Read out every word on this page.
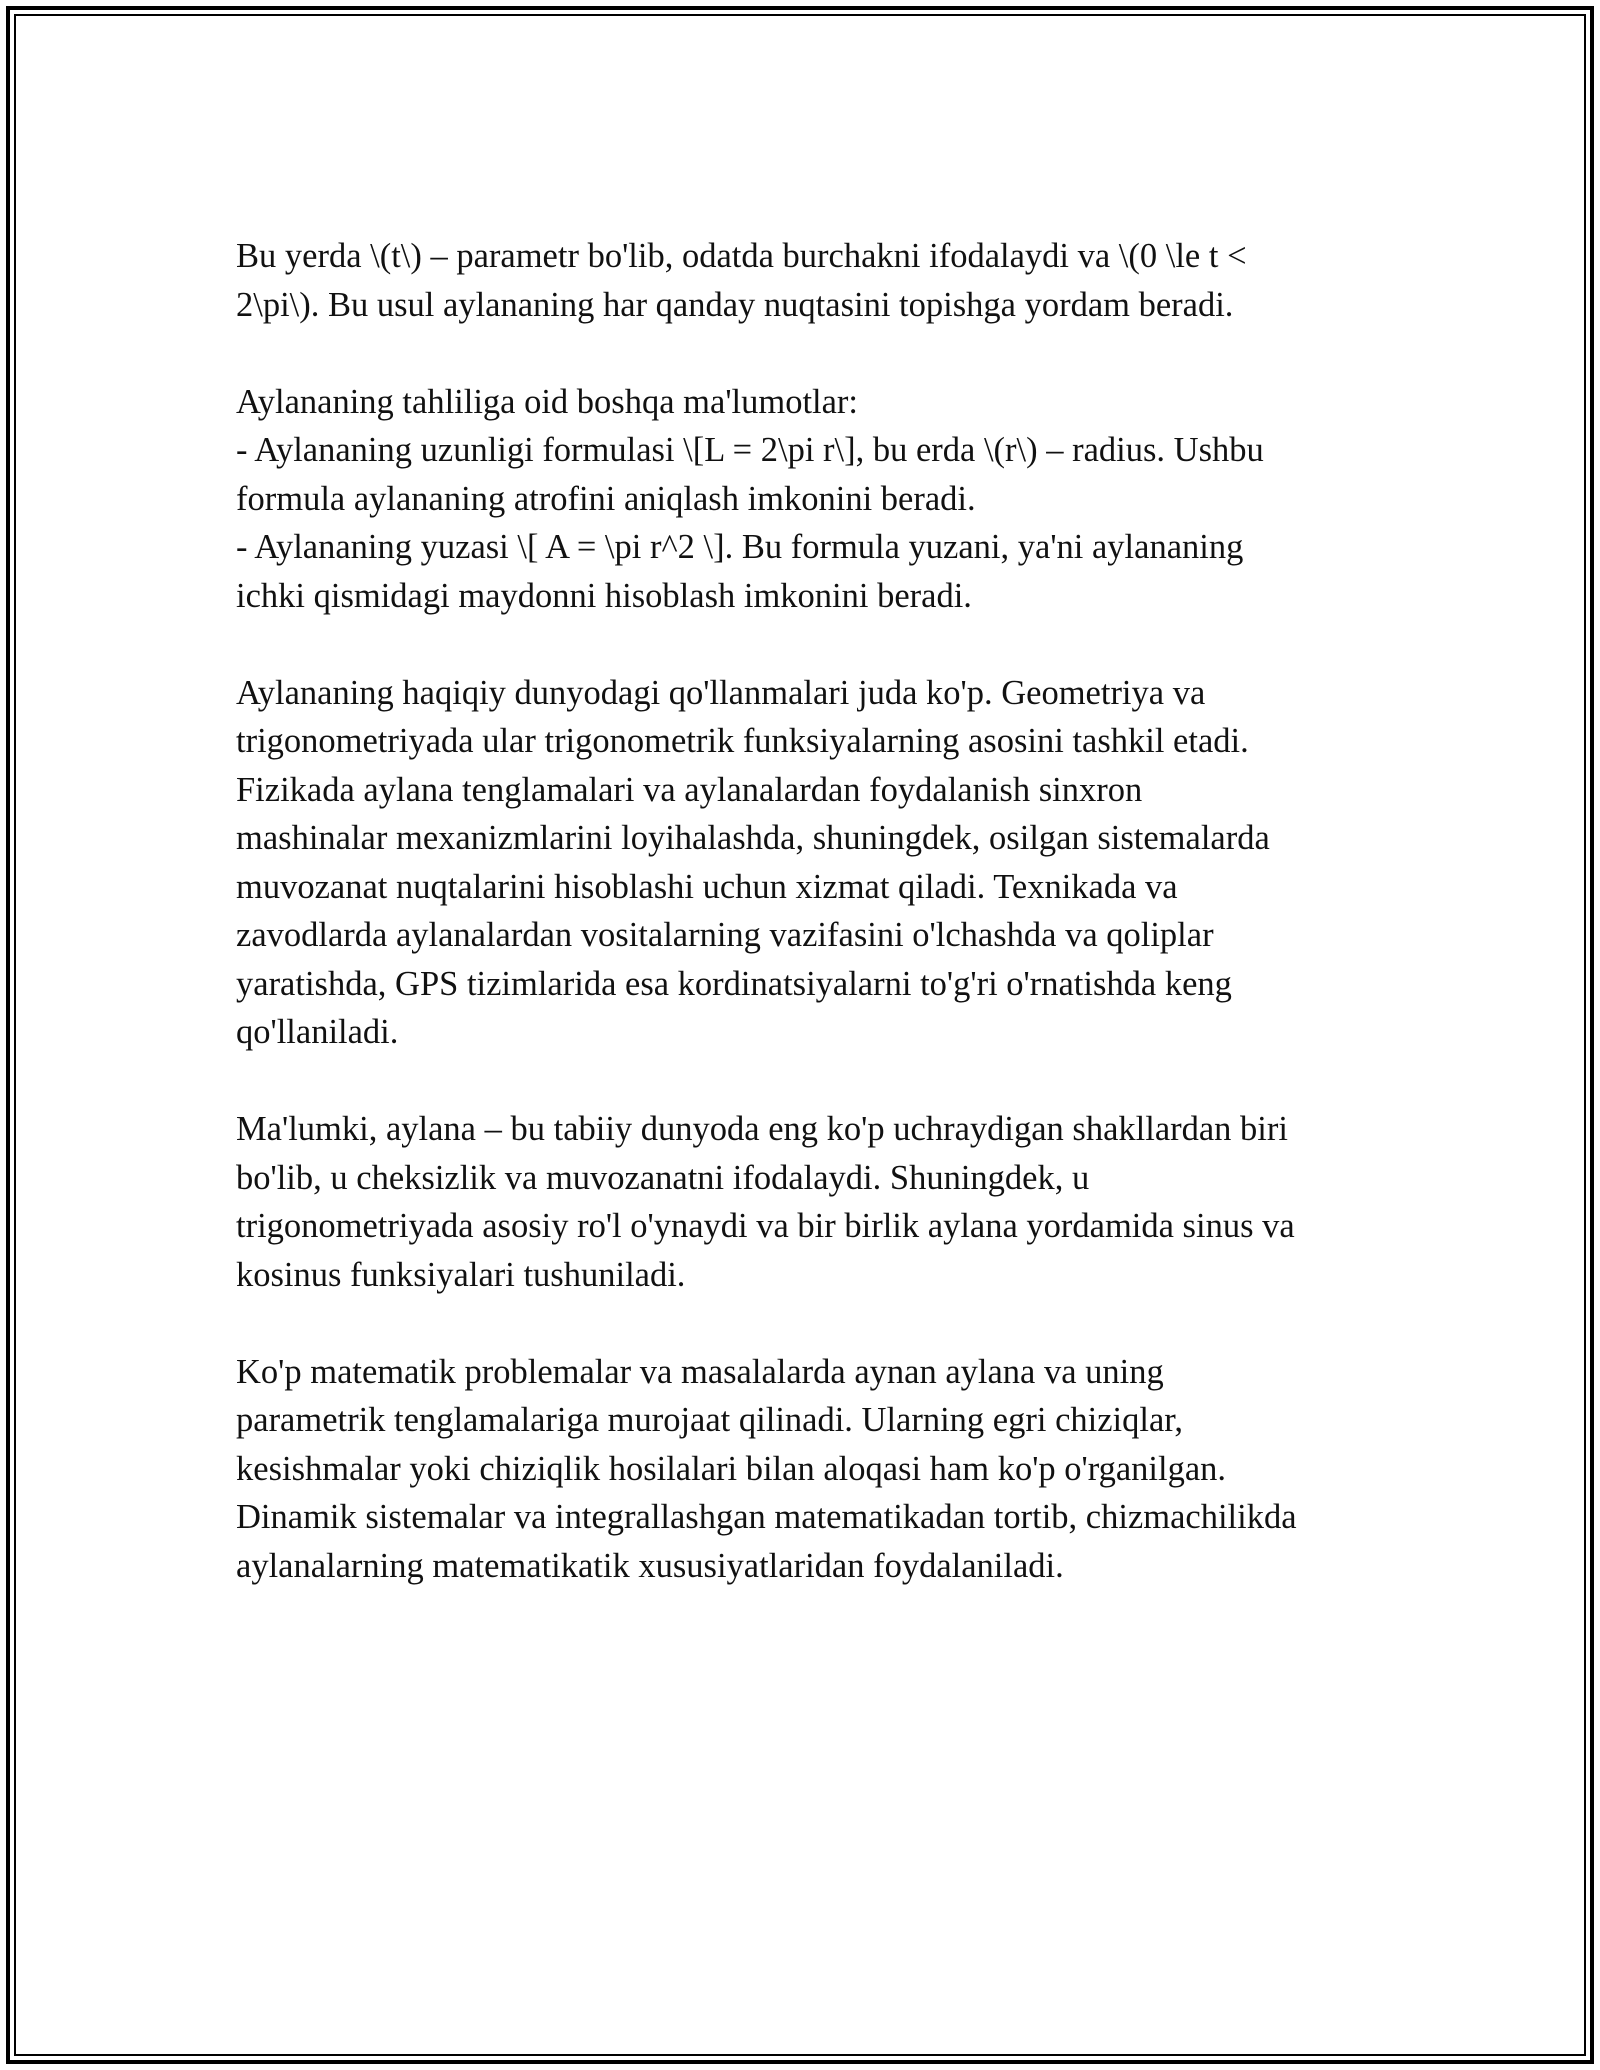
Bu yerda \(t\) – parametr bo'lib, odatda burchakni ifodalaydi va \(0 \le t <
2\pi\). Bu usul aylananing har qanday nuqtasini topishga yordam beradi.

Aylananing tahliliga oid boshqa ma'lumotlar:
- Aylananing uzunligi formulasi \[L = 2\pi r\], bu erda \(r\) – radius. Ushbu
formula aylananing atrofini aniqlash imkonini beradi.
- Aylananing yuzasi \[ A = \pi r^2 \]. Bu formula yuzani, ya'ni aylananing
ichki qismidagi maydonni hisoblash imkonini beradi.

Aylananing haqiqiy dunyodagi qo'llanmalari juda ko'p. Geometriya va
trigonometriyada ular trigonometrik funksiyalarning asosini tashkil etadi.
Fizikada aylana tenglamalari va aylanalardan foydalanish sinxron
mashinalar mexanizmlarini loyihalashda, shuningdek, osilgan sistemalarda
muvozanat nuqtalarini hisoblashi uchun xizmat qiladi. Texnikada va
zavodlarda aylanalardan vositalarning vazifasini o'lchashda va qoliplar
yaratishda, GPS tizimlarida esa kordinatsiyalarni to'g'ri o'rnatishda keng
qo'llaniladi.

Ma'lumki, aylana – bu tabiiy dunyoda eng ko'p uchraydigan shakllardan biri
bo'lib, u cheksizlik va muvozanatni ifodalaydi. Shuningdek, u
trigonometriyada asosiy ro'l o'ynaydi va bir birlik aylana yordamida sinus va
kosinus funksiyalari tushuniladi.

Ko'p matematik problemalar va masalalarda aynan aylana va uning
parametrik tenglamalariga murojaat qilinadi. Ularning egri chiziqlar,
kesishmalar yoki chiziqlik hosilalari bilan aloqasi ham ko'p o'rganilgan.
Dinamik sistemalar va integrallashgan matematikadan tortib, chizmachilikda
aylanalarning matematikatik xususiyatlaridan foydalaniladi.
